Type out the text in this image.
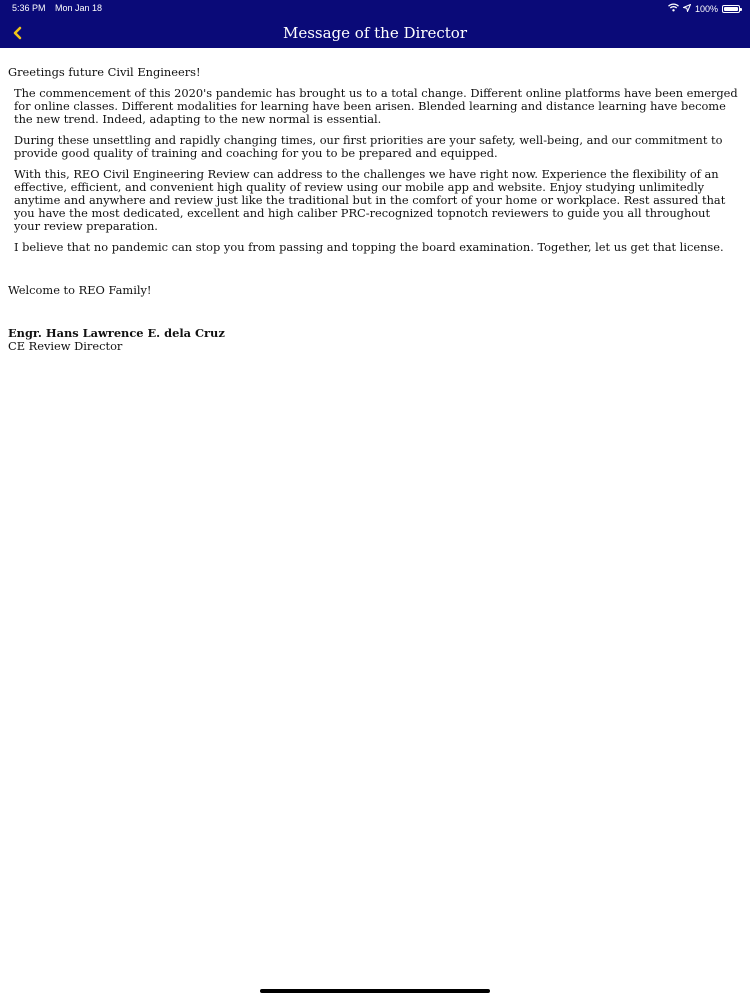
5:36 PM Mon Jan 18	100%
Message of the Director

Greetings future Civil Engineers!

The commencement of this 2020's pandemic has brought us to a total change. Different online platforms have been emerged for online classes. Different modalities for learning have been arisen. Blended learning and distance learning have become the new trend. Indeed, adapting to the new normal is essential.

During these unsettling and rapidly changing times, our first priorities are your safety, well-being, and our commitment to provide good quality of training and coaching for you to be prepared and equipped.

With this, REO Civil Engineering Review can address to the challenges we have right now. Experience the flexibility of an effective, efficient, and convenient high quality of review using our mobile app and website. Enjoy studying unlimitedly anytime and anywhere and review just like the traditional but in the comfort of your home or workplace. Rest assured that you have the most dedicated, excellent and high caliber PRC-recognized topnotch reviewers to guide you all throughout your review preparation.

I believe that no pandemic can stop you from passing and topping the board examination. Together, let us get that license.

Welcome to REO Family!

Engr. Hans Lawrence E. dela Cruz
CE Review Director
